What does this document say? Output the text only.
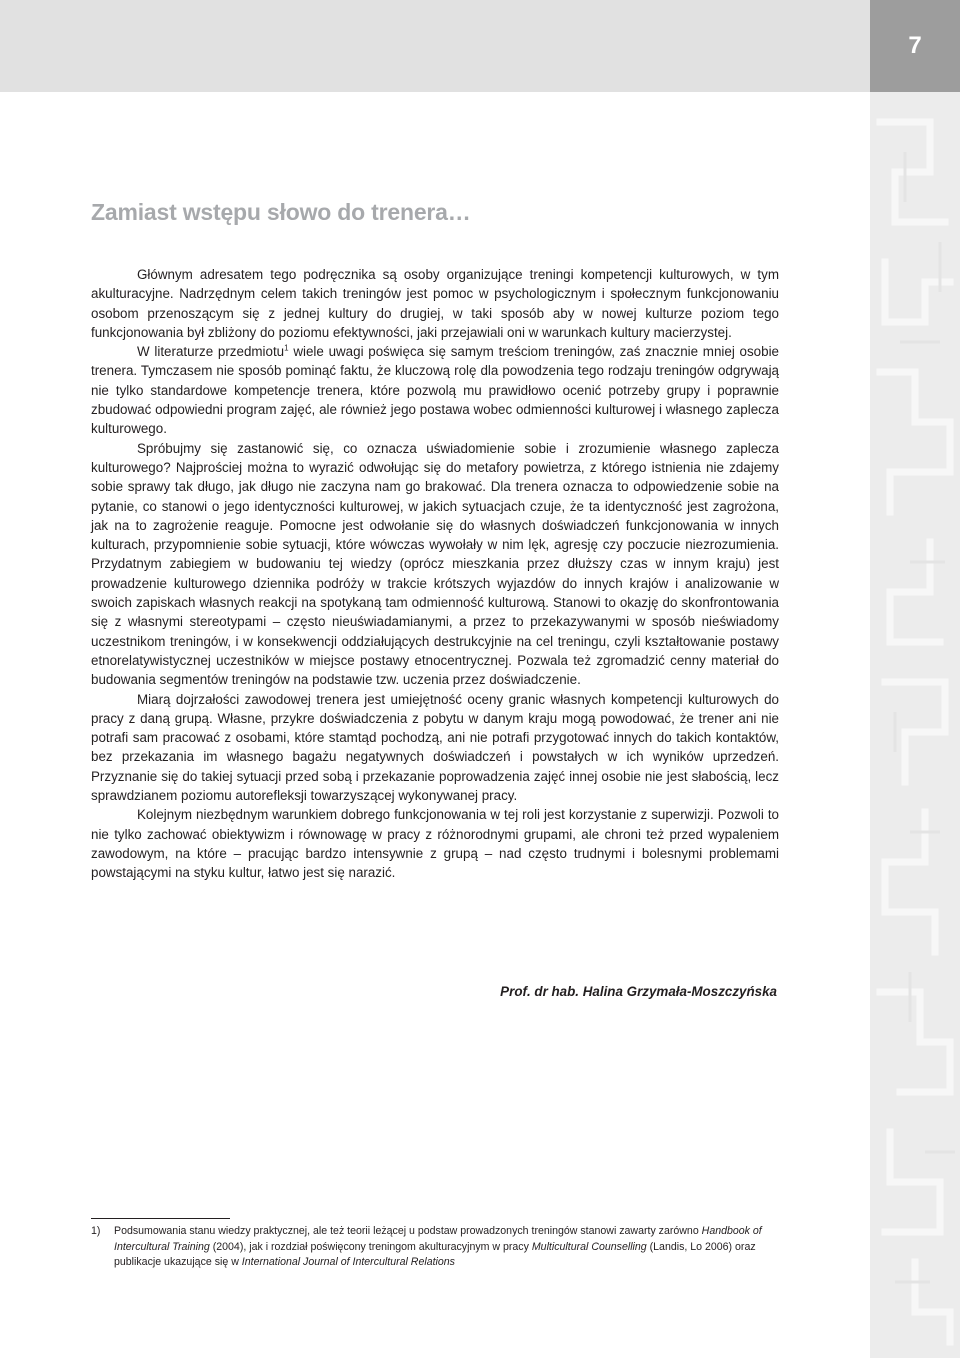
7
Zamiast wstępu słowo do trenera…

Głównym adresatem tego podręcznika są osoby organizujące treningi kompetencji kulturowych, w tym akulturacyjne. Nadrzędnym celem takich treningów jest pomoc w psychologicznym i społecznym funkcjonowaniu osobom przenoszącym się z jednej kultury do drugiej, w taki sposób aby w nowej kulturze poziom tego funkcjonowania był zbliżony do poziomu efektywności, jaki przejawiali oni w warunkach kultury macierzystej.

W literaturze przedmiotu$^1$ wiele uwagi poświęca się samym treściom treningów, zaś znacznie mniej osobie trenera. Tymczasem nie sposób pominąć faktu, że kluczową rolę dla powodzenia tego rodzaju treningów odgrywają nie tylko standardowe kompetencje trenera, które pozwolą mu prawidłowo ocenić potrzeby grupy i poprawnie zbudować odpowiedni program zajęć, ale również jego postawa wobec odmienności kulturowej i własnego zaplecza kulturowego.

Spróbujmy się zastanowić się, co oznacza uświadomienie sobie i zrozumienie własnego zaplecza kulturowego? Najprościej można to wyrazić odwołując się do metafory powietrza, z którego istnienia nie zdajemy sobie sprawy tak długo, jak długo nie zaczyna nam go brakować. Dla trenera oznacza to odpowiedzenie sobie na pytanie, co stanowi o jego identyczności kulturowej, w jakich sytuacjach czuje, że ta identyczność jest zagrożona, jak na to zagrożenie reaguje. Pomocne jest odwołanie się do własnych doświadczeń funkcjonowania w innych kulturach, przypomnienie sobie sytuacji, które wówczas wywołały w nim lęk, agresję czy poczucie niezrozumienia. Przydatnym zabiegiem w budowaniu tej wiedzy (oprócz mieszkania przez dłuższy czas w innym kraju) jest prowadzenie kulturowego dziennika podróży w trakcie krótszych wyjazdów do innych krajów i analizowanie w swoich zapiskach własnych reakcji na spotykaną tam odmienność kulturową. Stanowi to okazję do skonfrontowania się z własnymi stereotypami – często nieuświadamianymi, a przez to przekazywanymi w sposób nieświadomy uczestnikom treningów, i w konsekwencji oddziałujących destrukcyjnie na cel treningu, czyli kształtowanie postawy etnorelatywistycznej uczestników w miejsce postawy etnocentrycznej. Pozwala też zgromadzić cenny materiał do budowania segmentów treningów na podstawie tzw. uczenia przez doświadczenie.

Miarą dojrzałości zawodowej trenera jest umiejętność oceny granic własnych kompetencji kulturowych do pracy z daną grupą. Własne, przykre doświadczenia z pobytu w danym kraju mogą powodować, że trener ani nie potrafi sam pracować z osobami, które stamtąd pochodzą, ani nie potrafi przygotować innych do takich kontaktów, bez przekazania im własnego bagażu negatywnych doświadczeń i powstałych w ich wyników uprzedzeń. Przyznanie się do takiej sytuacji przed sobą i przekazanie poprowadzenia zajęć innej osobie nie jest słabością, lecz sprawdzianem poziomu autorefleksji towarzyszącej wykonywanej pracy.

Kolejnym niezbędnym warunkiem dobrego funkcjonowania w tej roli jest korzystanie z superwizji. Pozwoli to nie tylko zachować obiektywizm i równowagę w pracy z różnorodnymi grupami, ale chroni też przed wypaleniem zawodowym, na które – pracując bardzo intensywnie z grupą – nad często trudnymi i bolesnymi problemami powstającymi na styku kultur, łatwo jest się narazić.

Prof. dr hab. Halina Grzymała-Moszczyńska

1) Podsumowania stanu wiedzy praktycznej, ale też teorii leżącej u podstaw prowadzonych treningów stanowi zawarty zarówno Handbook of Intercultural Training (2004), jak i rozdział poświęcony treningom akulturacyjnym w pracy Multicultural Counselling (Landis, Lo 2006) oraz publikacje ukazujące się w International Journal of Intercultural Relations
